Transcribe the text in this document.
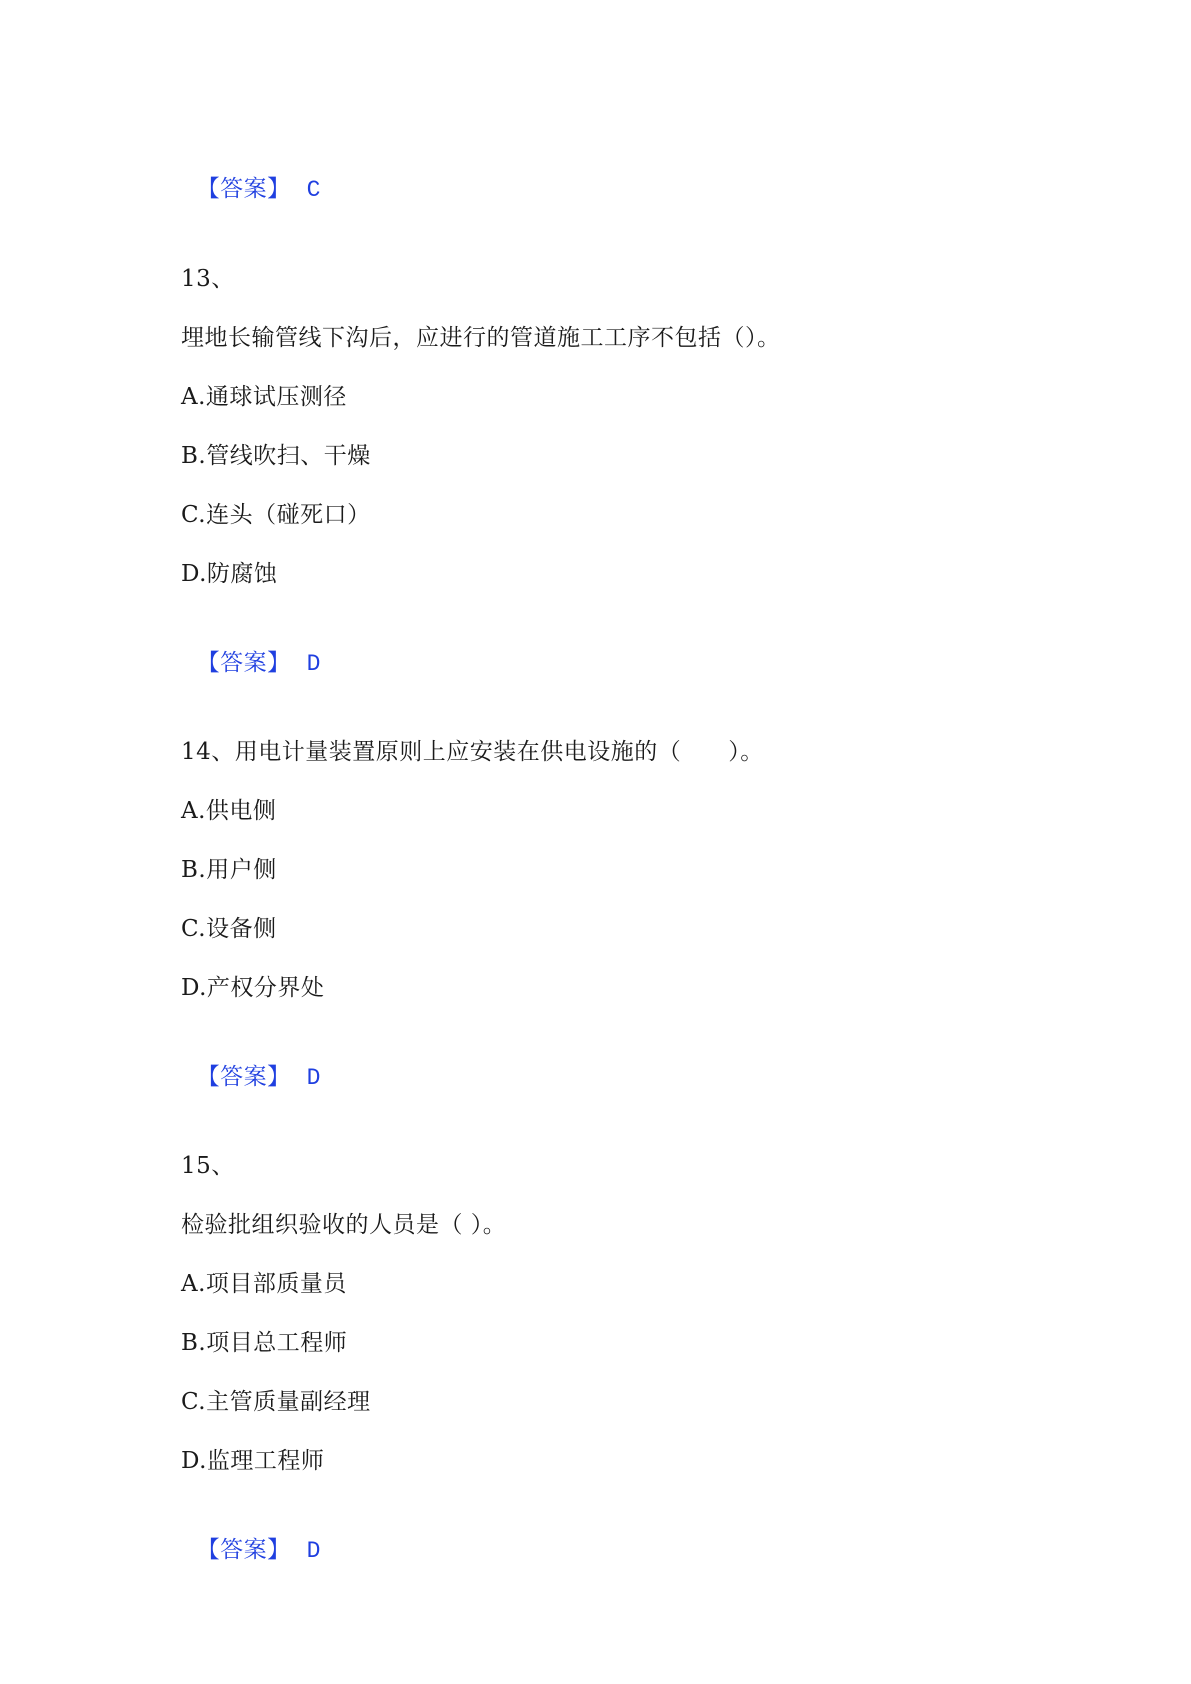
【答案】 C

13、
埋地长输管线下沟后，应进行的管道施工工序不包括（）。
A.通球试压测径
B.管线吹扫、干燥
C.连头（碰死口）
D.防腐蚀

【答案】 D

14、用电计量装置原则上应安装在供电设施的（　　）。
A.供电侧
B.用户侧
C.设备侧
D.产权分界处

【答案】 D

15、
检验批组织验收的人员是（ ）。
A.项目部质量员
B.项目总工程师
C.主管质量副经理
D.监理工程师

【答案】 D
